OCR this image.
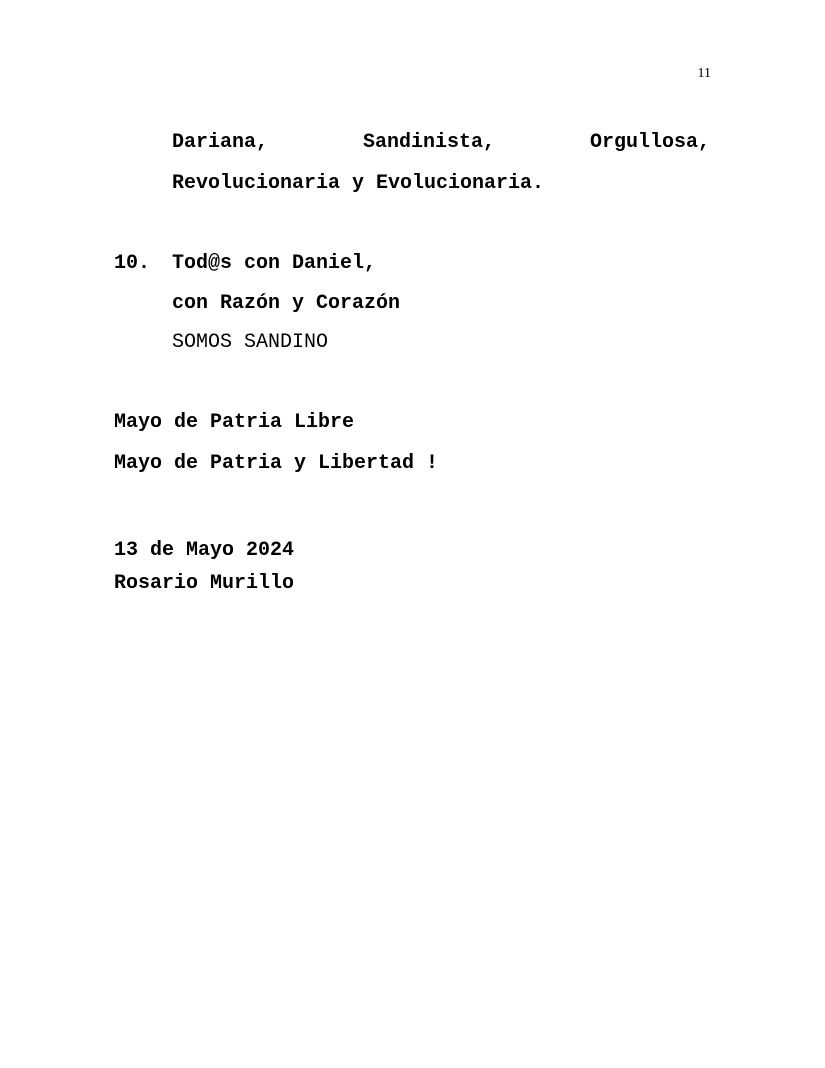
11
Dariana,	Sandinista,	Orgullosa,
Revolucionaria y Evolucionaria.
10. Tod@s con Daniel,
con Razón y Corazón
SOMOS SANDINO
Mayo de Patria Libre
Mayo de Patria y Libertad !
13 de Mayo 2024
Rosario Murillo
